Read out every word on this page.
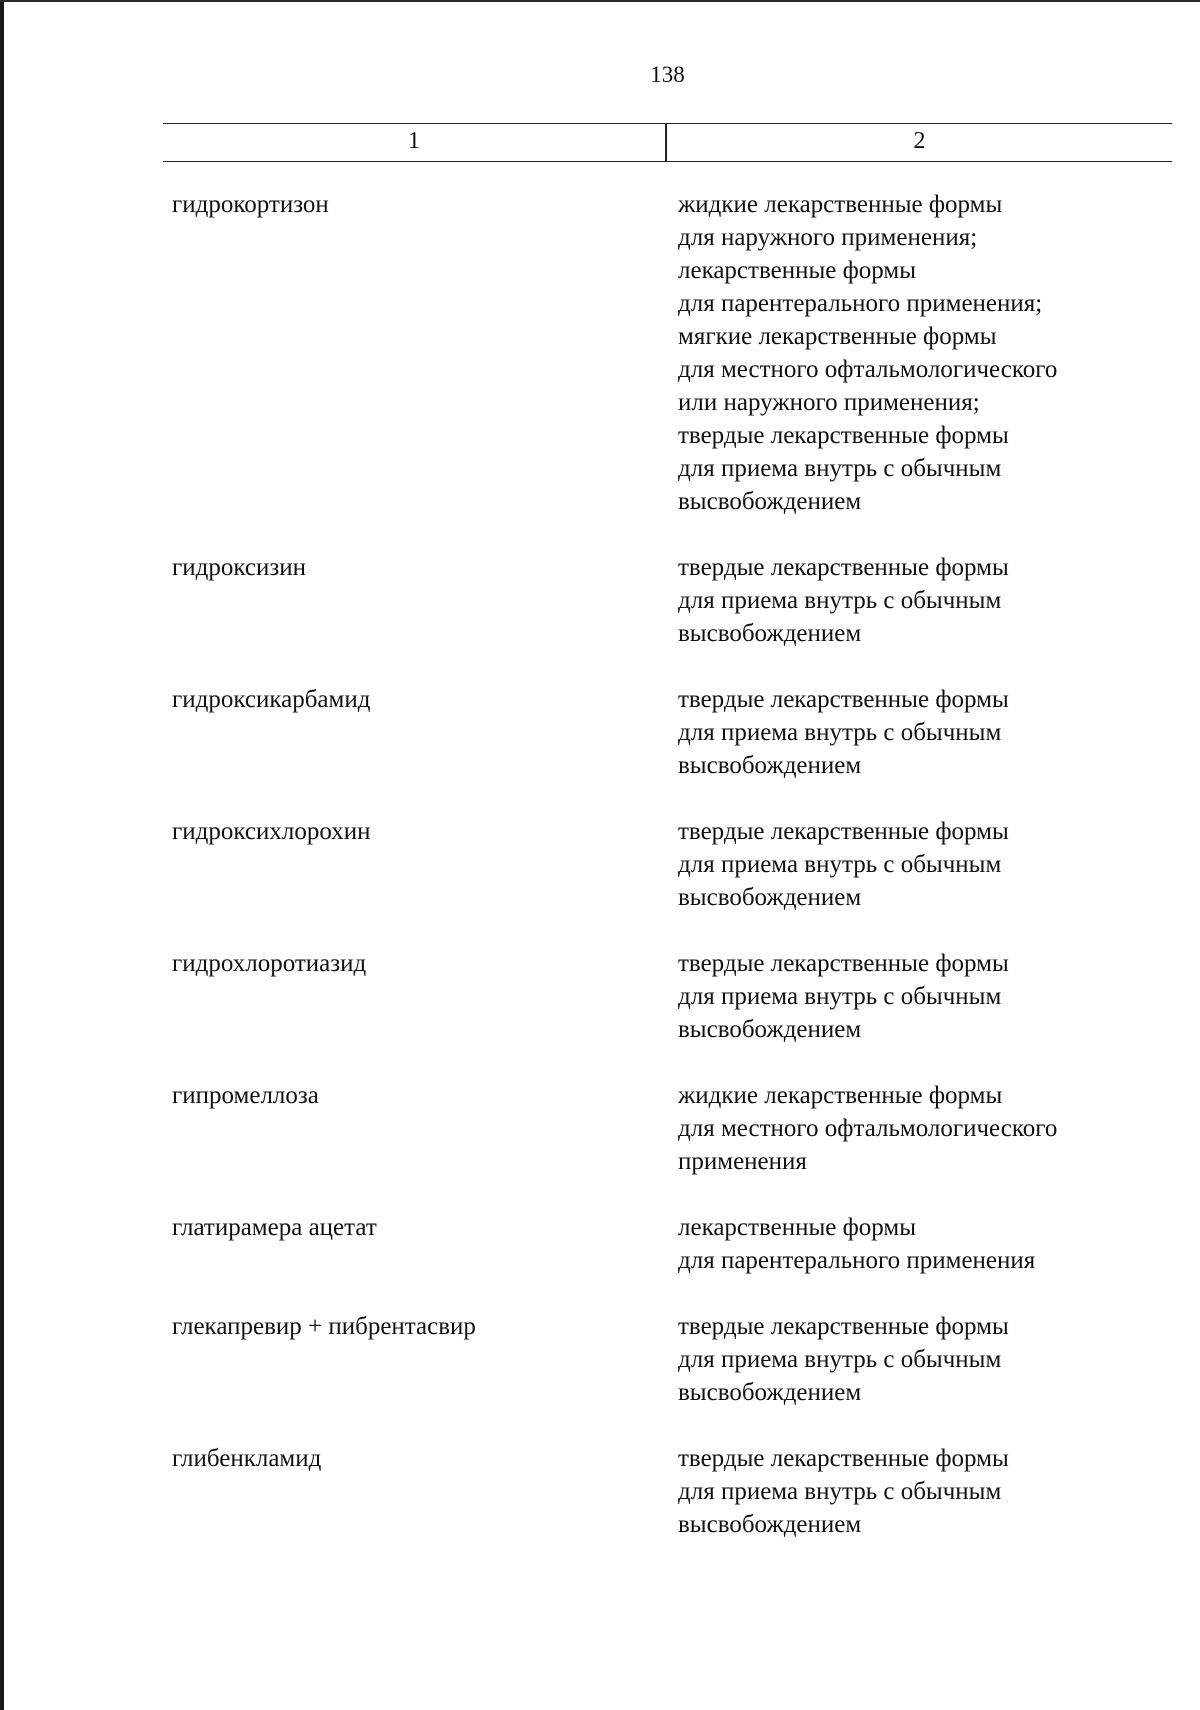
138
1	2
гидрокортизон	жидкие лекарственные формы
для наружного применения;
лекарственные формы
для парентерального применения;
мягкие лекарственные формы
для местного офтальмологического
или наружного применения;
твердые лекарственные формы
для приема внутрь с обычным
высвобождением
гидроксизин	твердые лекарственные формы
для приема внутрь с обычным
высвобождением
гидроксикарбамид	твердые лекарственные формы
для приема внутрь с обычным
высвобождением
гидроксихлорохин	твердые лекарственные формы
для приема внутрь с обычным
высвобождением
гидрохлоротиазид	твердые лекарственные формы
для приема внутрь с обычным
высвобождением
гипромеллоза	жидкие лекарственные формы
для местного офтальмологического
применения
глатирамера ацетат	лекарственные формы
для парентерального применения
глекапревир + пибрентасвир	твердые лекарственные формы
для приема внутрь с обычным
высвобождением
глибенкламид	твердые лекарственные формы
для приема внутрь с обычным
высвобождением
